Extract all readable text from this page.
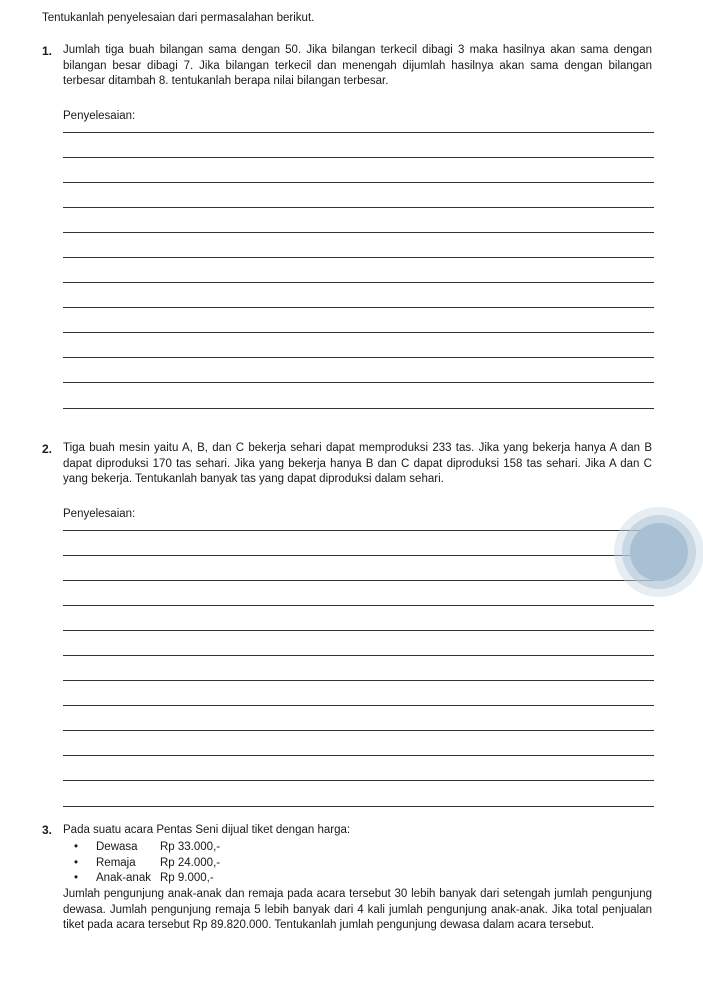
Tentukanlah penyelesaian dari permasalahan berikut.
1. Jumlah tiga buah bilangan sama dengan 50. Jika bilangan terkecil dibagi 3 maka hasilnya akan sama dengan bilangan besar dibagi 7. Jika bilangan terkecil dan menengah dijumlah hasilnya akan sama dengan bilangan terbesar ditambah 8. tentukanlah berapa nilai bilangan terbesar.
Penyelesaian:
2. Tiga buah mesin yaitu A, B, dan C bekerja sehari dapat memproduksi 233 tas. Jika yang bekerja hanya A dan B dapat diproduksi 170 tas sehari. Jika yang bekerja hanya B dan C dapat diproduksi 158 tas sehari. Jika A dan C yang bekerja. Tentukanlah banyak tas yang dapat diproduksi dalam sehari.
Penyelesaian:
3. Pada suatu acara Pentas Seni dijual tiket dengan harga:
• Dewasa Rp 33.000,-
• Remaja Rp 24.000,-
• Anak-anak Rp 9.000,-
Jumlah pengunjung anak-anak dan remaja pada acara tersebut 30 lebih banyak dari setengah jumlah pengunjung dewasa. Jumlah pengunjung remaja 5 lebih banyak dari 4 kali jumlah pengunjung anak-anak. Jika total penjualan tiket pada acara tersebut Rp 89.820.000. Tentukanlah jumlah pengunjung dewasa dalam acara tersebut.
